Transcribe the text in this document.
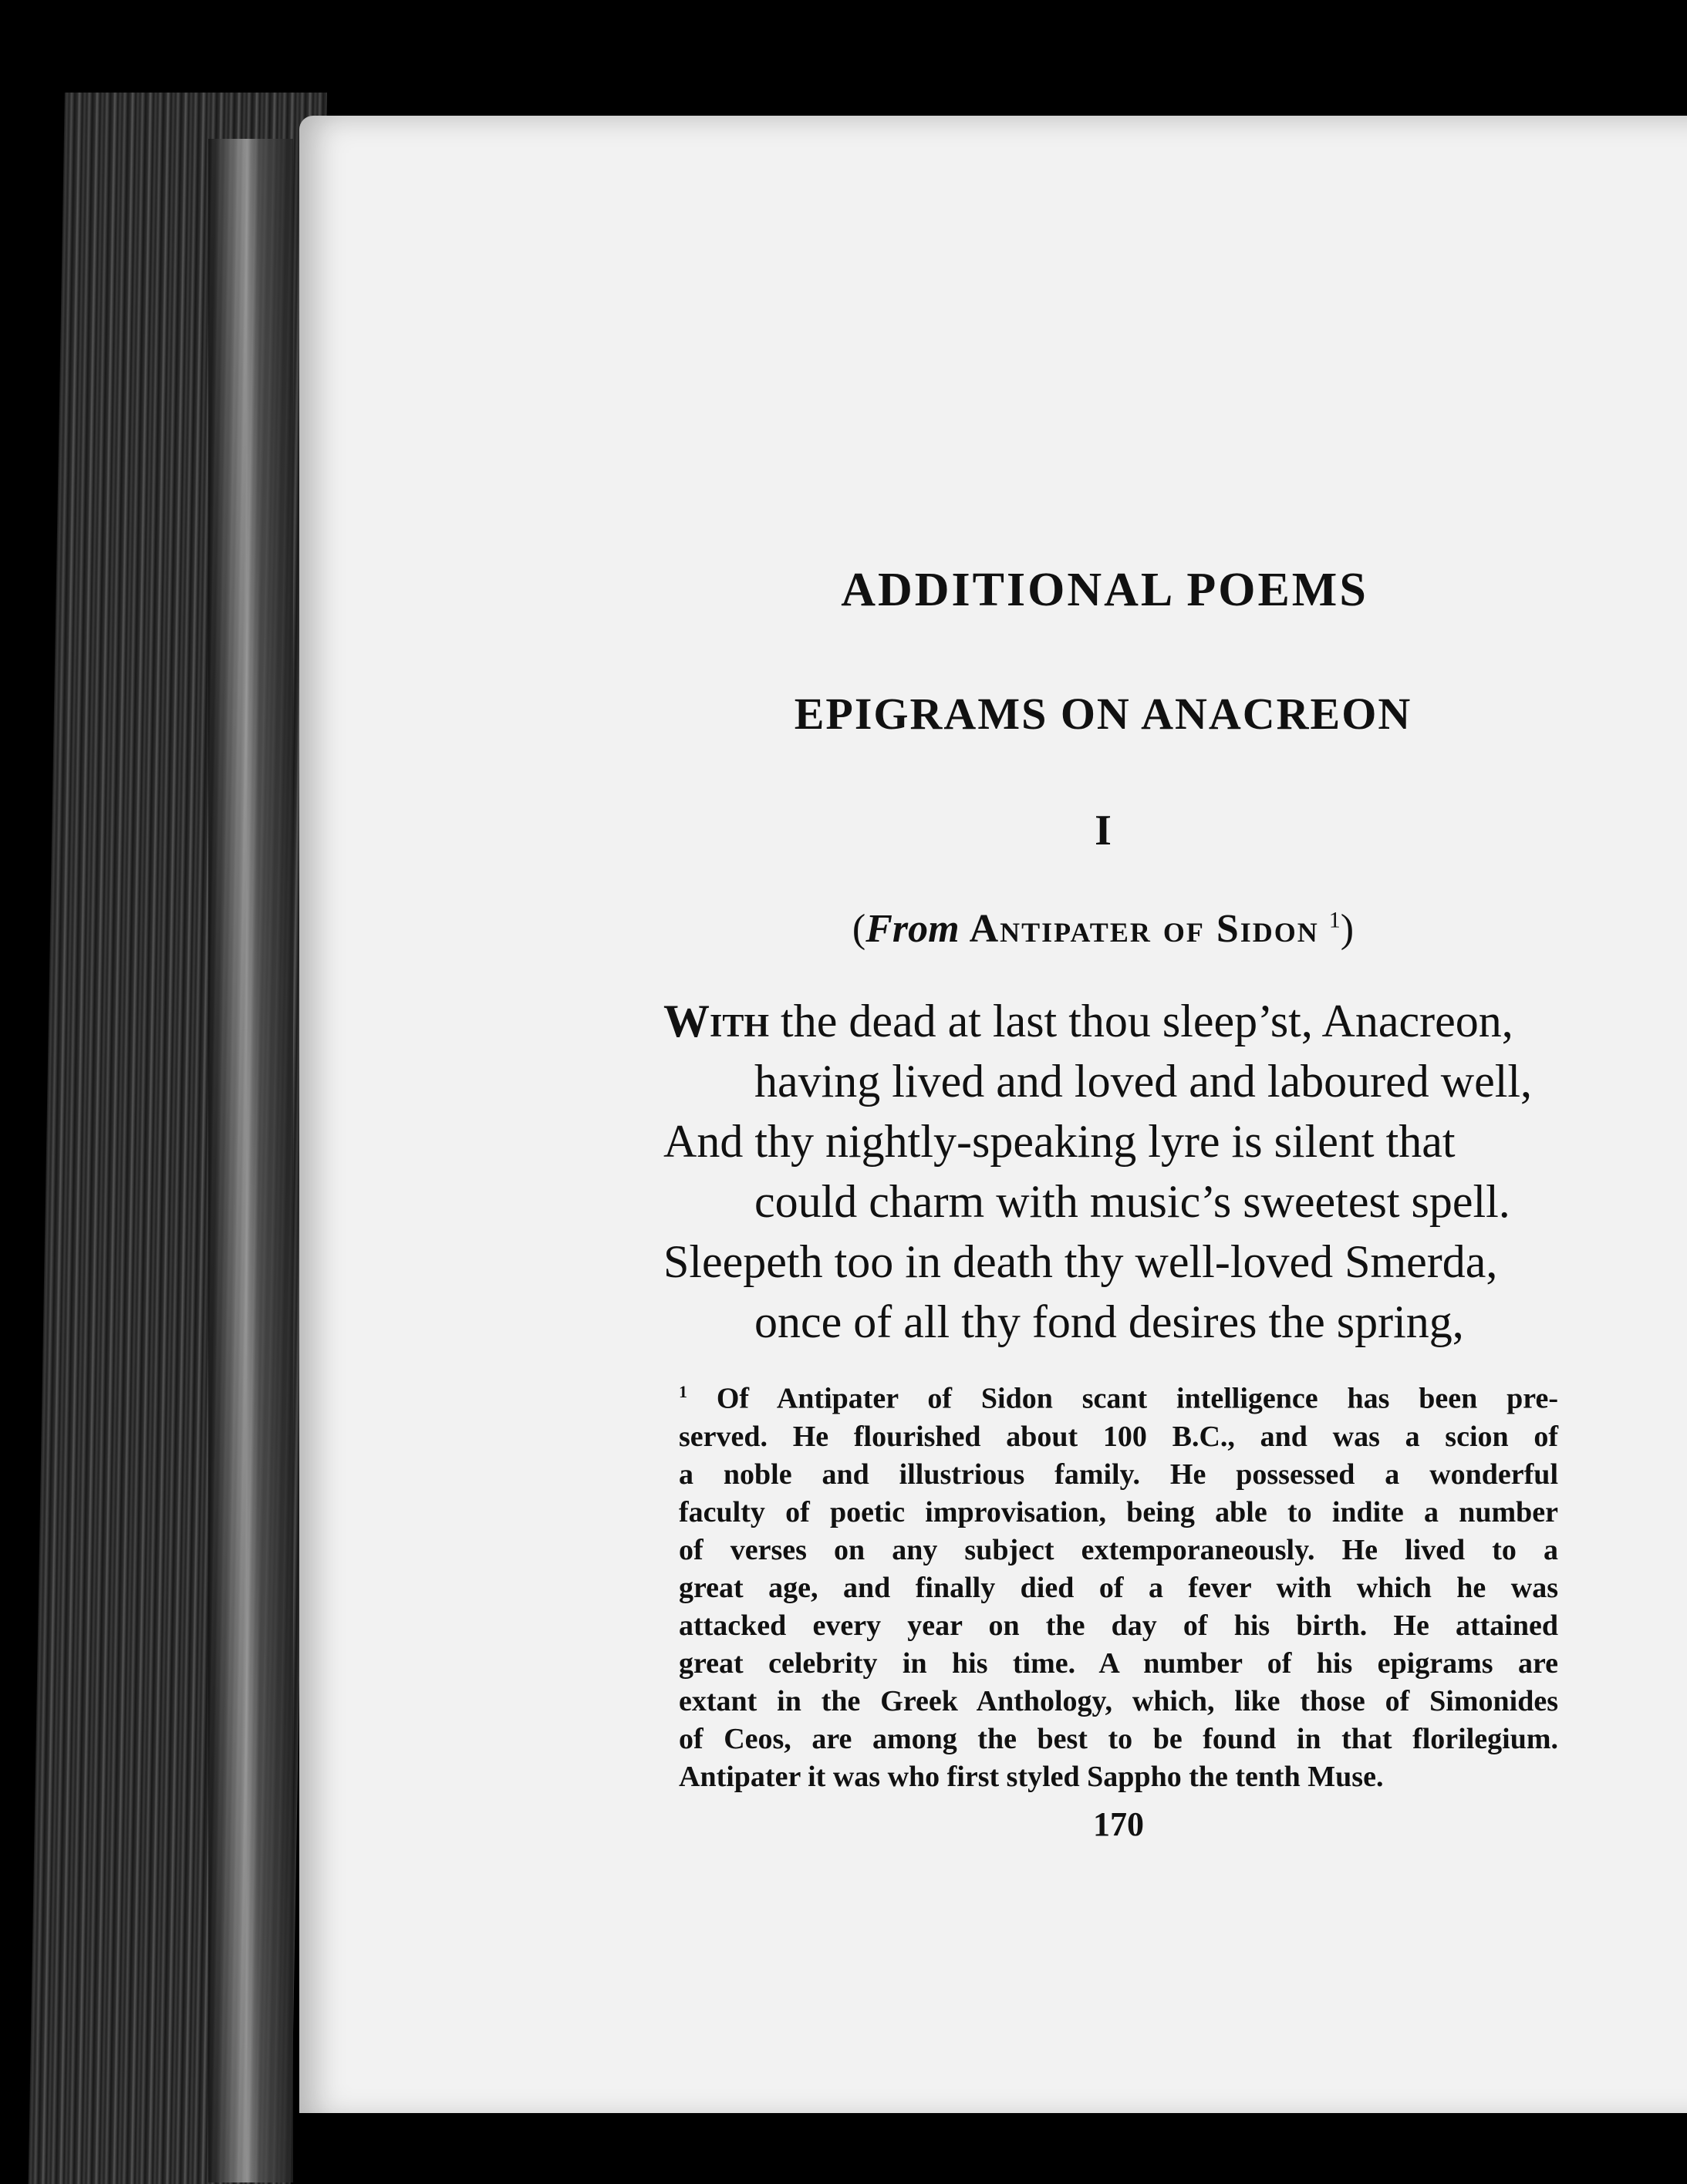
ADDITIONAL POEMS
EPIGRAMS ON ANACREON
I
(From Antipater of Sidon $^1$)
With the dead at last thou sleep’st, Anacreon,
having lived and loved and laboured well,
And thy nightly-speaking lyre is silent that
could charm with music’s sweetest spell.
Sleepeth too in death thy well-loved Smerda,
once of all thy fond desires the spring,
$^1$ Of Antipater of Sidon scant intelligence has been pre-
served. He flourished about 100 B.C., and was a scion of
a noble and illustrious family. He possessed a wonderful
faculty of poetic improvisation, being able to indite a number
of verses on any subject extemporaneously. He lived to a
great age, and finally died of a fever with which he was
attacked every year on the day of his birth. He attained
great celebrity in his time. A number of his epigrams are
extant in the Greek Anthology, which, like those of Simonides
of Ceos, are among the best to be found in that florilegium.
Antipater it was who first styled Sappho the tenth Muse.
170
